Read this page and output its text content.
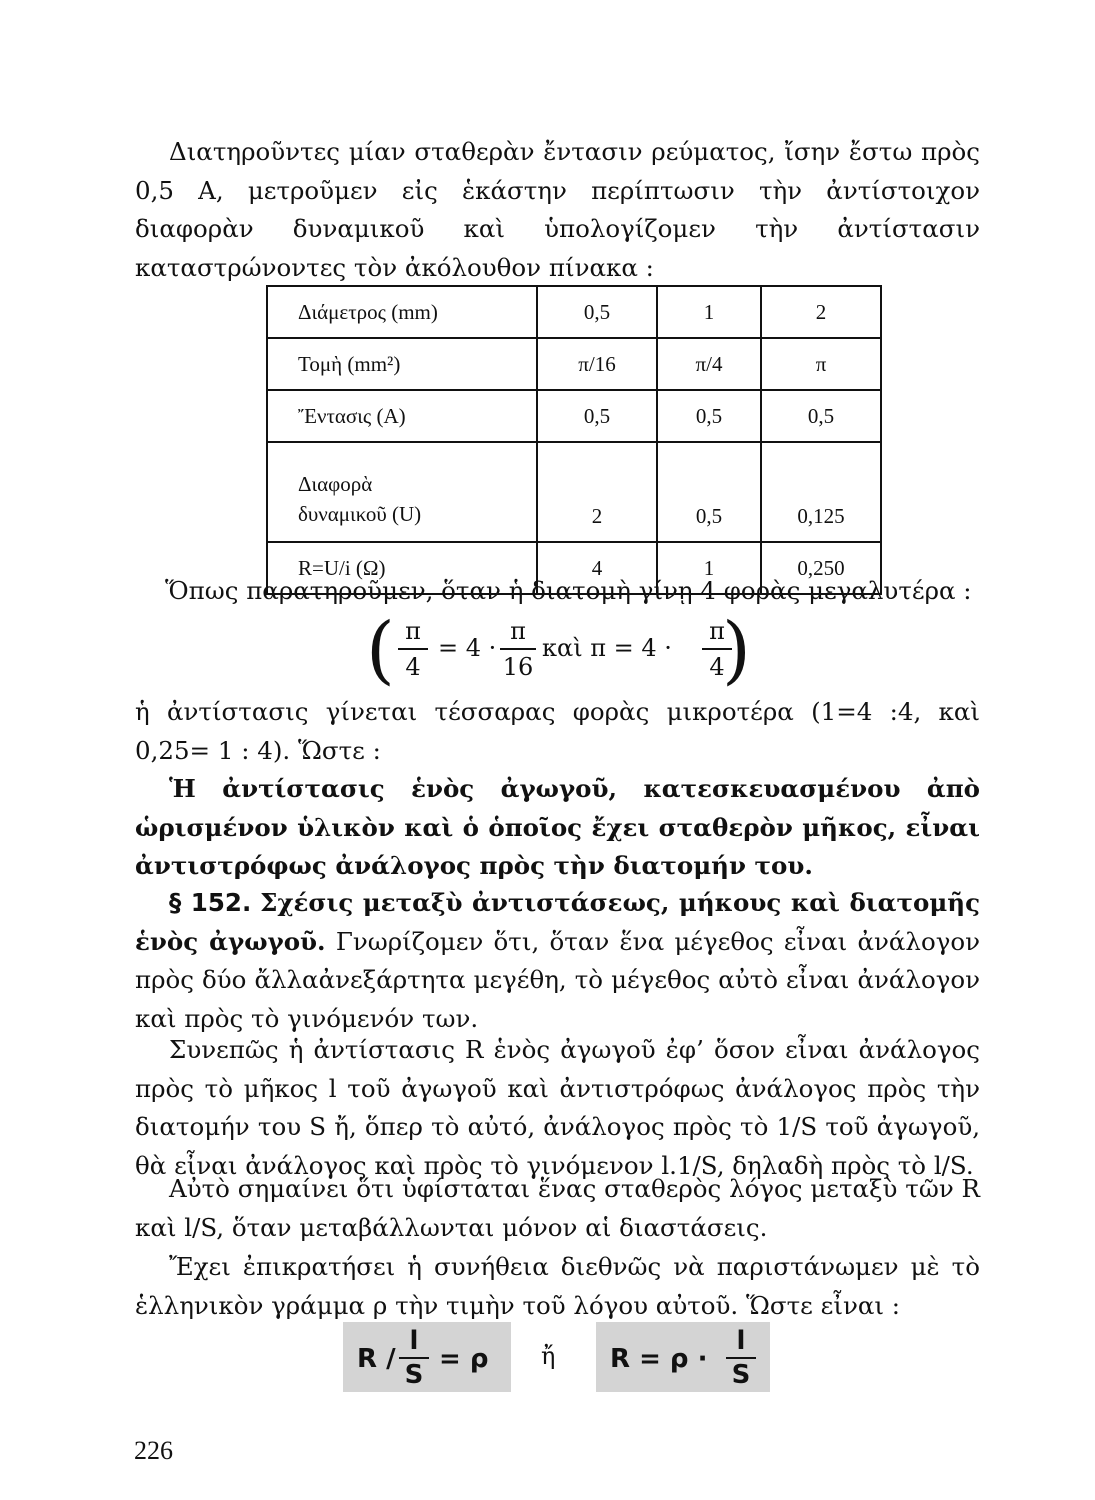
Διατηροῦντες μίαν σταθερὰν ἔντασιν ρεύματος, ἴσην ἔστω πρὸς 0,5 Α, μετροῦμεν εἰς ἑκάστην περίπτωσιν τὴν ἀντίστοιχον διαφορὰν δυναμικοῦ καὶ ὑπολογίζομεν τὴν ἀντίστασιν καταστρώνοντες τὸν ἀκόλουθον πίνακα :

Διάμετρος (mm)	0,5	1	2
Τομὴ (mm²)	π/16	π/4	π
Ἔντασις (A)	0,5	0,5	0,5
Διαφορὰ
δυναμικοῦ (U)	2	0,5	0,125
R=U/i (Ω)	4	1	0,250

Ὅπως παρατηροῦμεν, ὅταν ἡ διατομὴ γίνῃ 4 φορὰς μεγαλυτέρα :

( π
4
= 4 ·
π
16
καὶ π = 4 ·
π
4
)

ἡ ἀντίστασις γίνεται τέσσαρας φορὰς μικροτέρα (1=4 :4, καὶ 0,25= 1 : 4). Ὥστε :

Ἡ ἀντίστασις ἑνὸς ἀγωγοῦ, κατεσκευασμένου ἀπὸ ὡρισμένον ὑλικὸν καὶ ὁ ὁποῖος ἔχει σταθερὸν μῆκος, εἶναι ἀντιστρόφως ἀνάλογος πρὸς τὴν διατομήν του.

§ 152. Σχέσις μεταξὺ ἀντιστάσεως, μήκους καὶ διατομῆς ἑνὸς ἀγωγοῦ. Γνωρίζομεν ὅτι, ὅταν ἕνα μέγεθος εἶναι ἀνάλογον πρὸς δύο ἄλλαἀνεξάρτητα μεγέθη, τὸ μέγεθος αὐτὸ εἶναι ἀνάλογον καὶ πρὸς τὸ γινόμενόν των.

Συνεπῶς ἡ ἀντίστασις R ἑνὸς ἀγωγοῦ ἐφ’ ὅσον εἶναι ἀνάλογος πρὸς τὸ μῆκος l τοῦ ἀγωγοῦ καὶ ἀντιστρόφως ἀνάλογος πρὸς τὴν διατομήν του S ἤ, ὅπερ τὸ αὐτό, ἀνάλογος πρὸς τὸ 1/S τοῦ ἀγωγοῦ, θὰ εἶναι ἀνάλογος καὶ πρὸς τὸ γινόμενον l.1/S, δηλαδὴ πρὸς τὸ l/S.

Αὐτὸ σημαίνει ὅτι ὑφίσταται ἕνας σταθερὸς λόγος μεταξὺ τῶν R καὶ l/S, ὅταν μεταβάλλωνται μόνον αἱ διαστάσεις.

Ἔχει ἐπικρατήσει ἡ συνήθεια διεθνῶς νὰ παριστάνωμεν μὲ τὸ ἑλληνικὸν γράμμα ρ τὴν τιμὴν τοῦ λόγου αὐτοῦ. Ὥστε εἶναι :

R /
l
S
= ρ ἤ R = ρ ·
l
S
226
